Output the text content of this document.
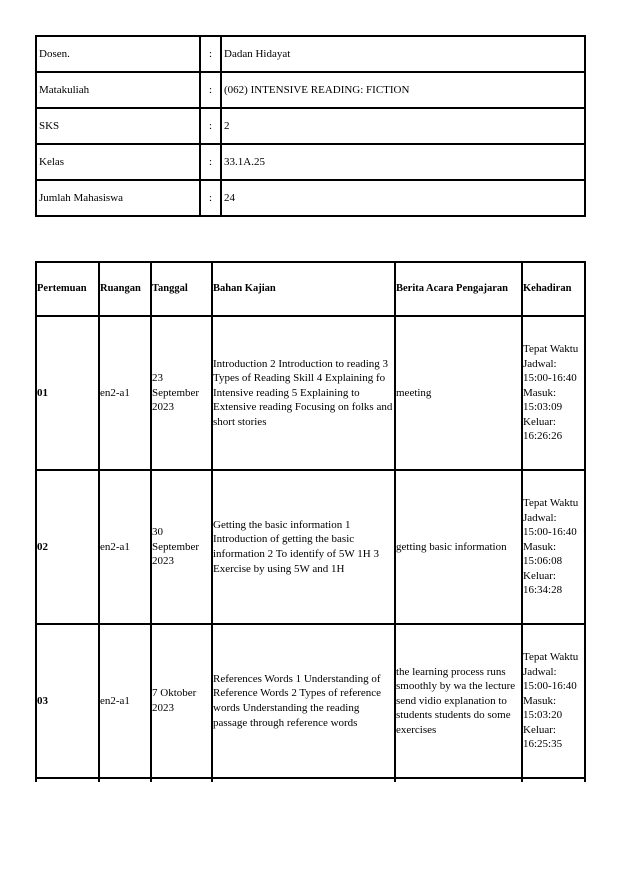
Dosen.	:	Dadan Hidayat
Matakuliah	:	(062) INTENSIVE READING: FICTION
SKS	:	2
Kelas	:	33.1A.25
Jumlah Mahasiswa	:	24
Pertemuan	Ruangan	Tanggal	Bahan Kajian	Berita Acara Pengajaran	Kehadiran
01	en2-a1	23 September 2023	Introduction 2 Introduction to reading 3 Types of Reading Skill 4 Explaining fo Intensive reading 5 Explaining to Extensive reading Focusing on folks and short stories	meeting	Tepat Waktu Jadwal: 15:00-16:40 Masuk: 15:03:09 Keluar: 16:26:26
02	en2-a1	30 September 2023	Getting the basic information 1 Introduction of getting the basic information 2 To identify of 5W 1H 3 Exercise by using 5W and 1H	getting basic information	Tepat Waktu Jadwal: 15:00-16:40 Masuk: 15:06:08 Keluar: 16:34:28
03	en2-a1	7 Oktober 2023	References Words 1 Understanding of Reference Words 2 Types of reference words Understanding the reading passage through reference words	the learning process runs smoothly by wa the lecture send vidio explanation to students students do some exercises	Tepat Waktu Jadwal: 15:00-16:40 Masuk: 15:03:20 Keluar: 16:25:35
